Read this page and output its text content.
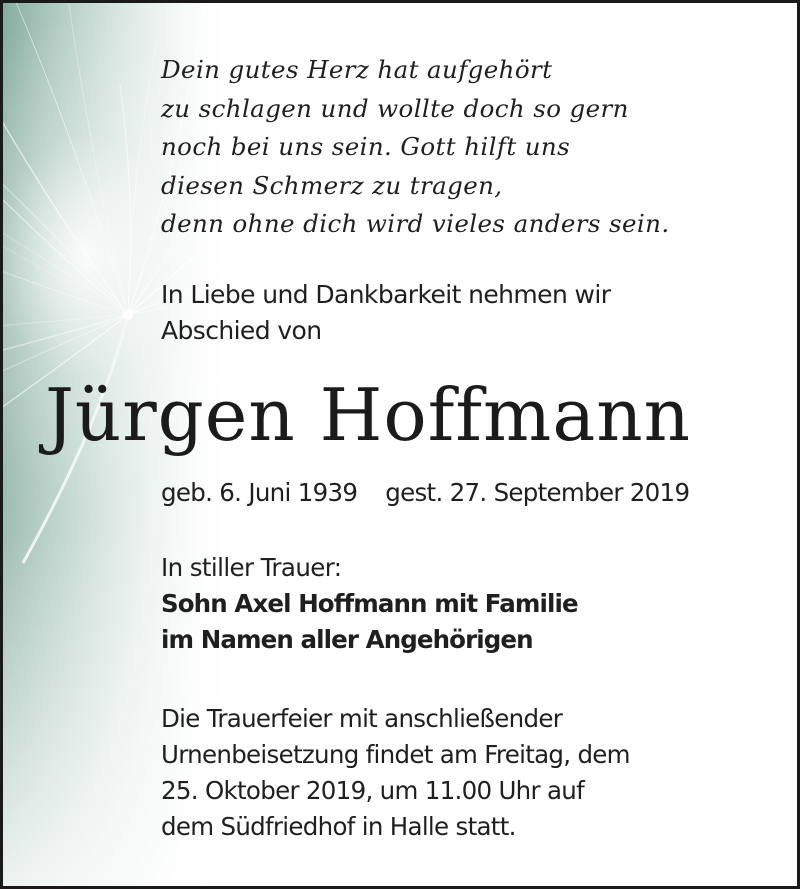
Dein gutes Herz hat aufgehört
zu schlagen und wollte doch so gern
noch bei uns sein. Gott hilft uns
diesen Schmerz zu tragen,
denn ohne dich wird vieles anders sein.
In Liebe und Dankbarkeit nehmen wir
Abschied von
Jürgen Hoffmann
geb. 6. Juni 1939 gest. 27. September 2019
In stiller Trauer:
Sohn Axel Hoffmann mit Familie
im Namen aller Angehörigen
Die Trauerfeier mit anschließender
Urnenbeisetzung findet am Freitag, dem
25. Oktober 2019, um 11.00 Uhr auf
dem Südfriedhof in Halle statt.
